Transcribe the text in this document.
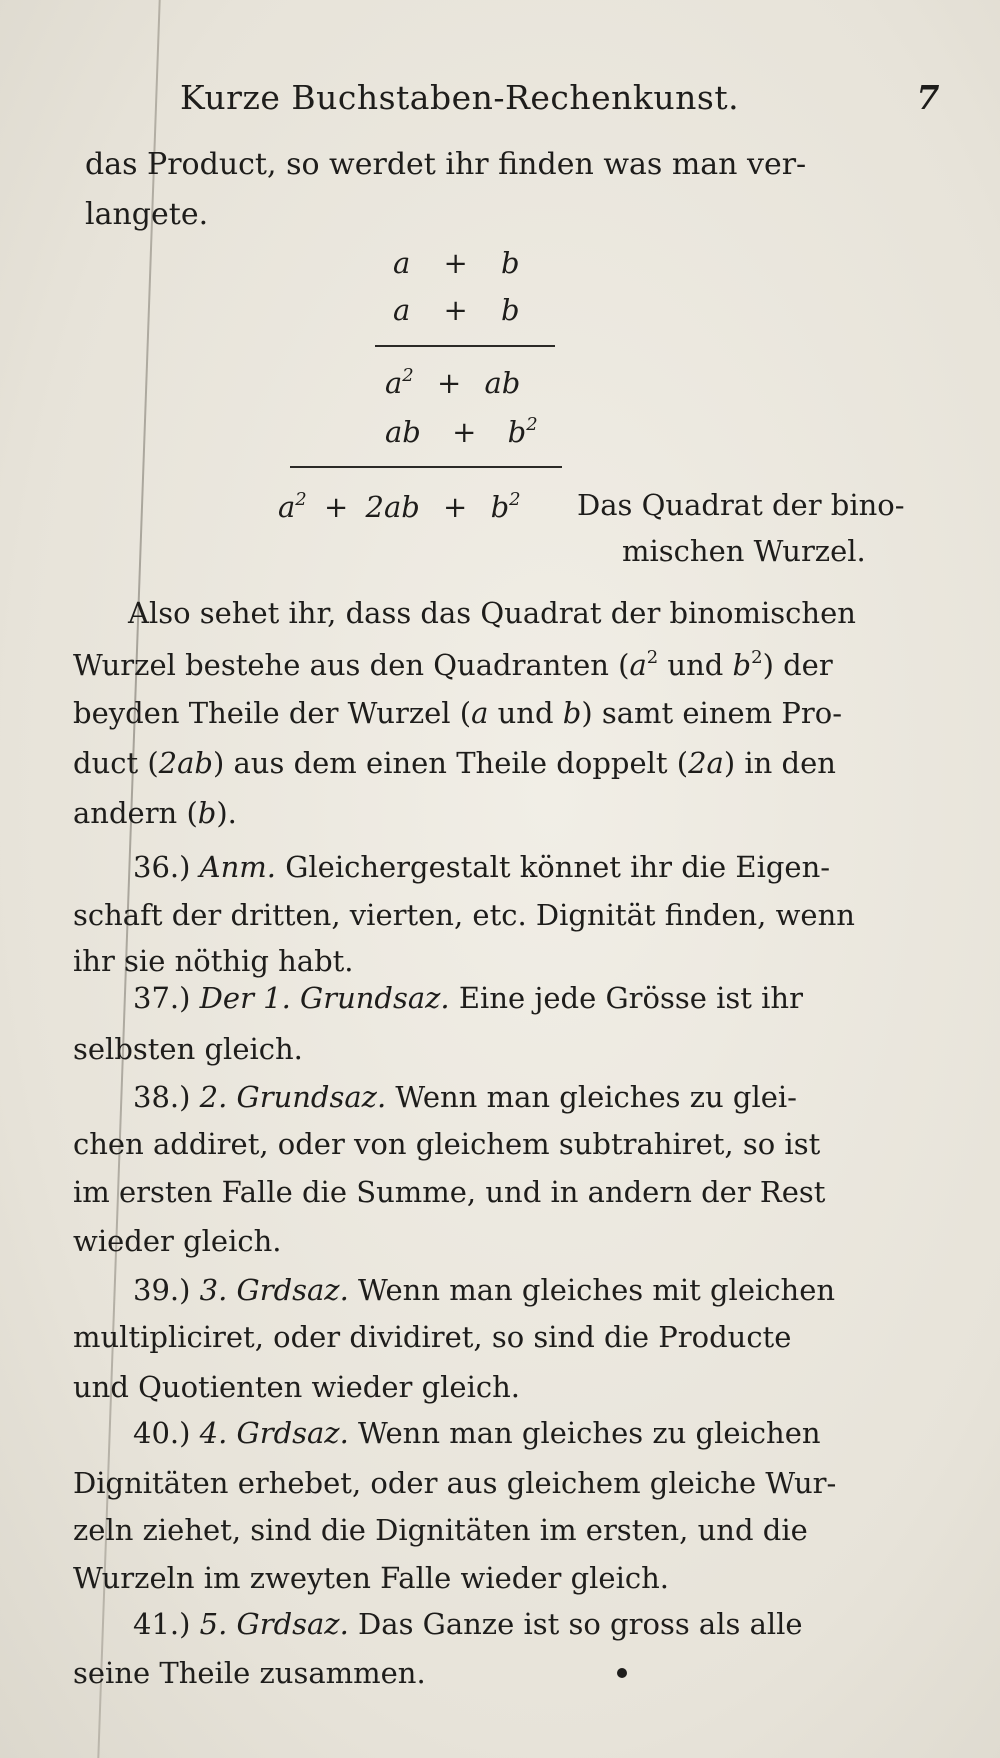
Kurze Buchstaben-Rechenkunst.	7
das Product, so werdet ihr finden was man ver-
langete.
a + b
a + b
$a^2$ + ab
ab + $b^2$
$a^2 + 2ab + b^2$ Das Quadrat der bino-
mischen Wurzel.
Also sehet ihr, dass das Quadrat der binomischen
Wurzel bestehe aus den Quadranten ($a^2$ und $b^2$) der
beyden Theile der Wurzel (a und b) samt einem Pro-
duct (2ab) aus dem einen Theile doppelt (2a) in den
andern (b).
36.) Anm. Gleichergestalt könnet ihr die Eigen-
schaft der dritten, vierten, etc. Dignität finden, wenn
ihr sie nöthig habt.
37.) Der 1. Grundsaz. Eine jede Grösse ist ihr
selbsten gleich.
38.) 2. Grundsaz. Wenn man gleiches zu glei-
chen addiret, oder von gleichem subtrahiret, so ist
im ersten Falle die Summe, und in andern der Rest
wieder gleich.
39.) 3. Grdsaz. Wenn man gleiches mit gleichen
multipliciret, oder dividiret, so sind die Producte
und Quotienten wieder gleich.
40.) 4. Grdsaz. Wenn man gleiches zu gleichen
Dignitäten erhebet, oder aus gleichem gleiche Wur-
zeln ziehet, sind die Dignitäten im ersten, und die
Wurzeln im zweyten Falle wieder gleich.
41.) 5. Grdsaz. Das Ganze ist so gross als alle
seine Theile zusammen.
